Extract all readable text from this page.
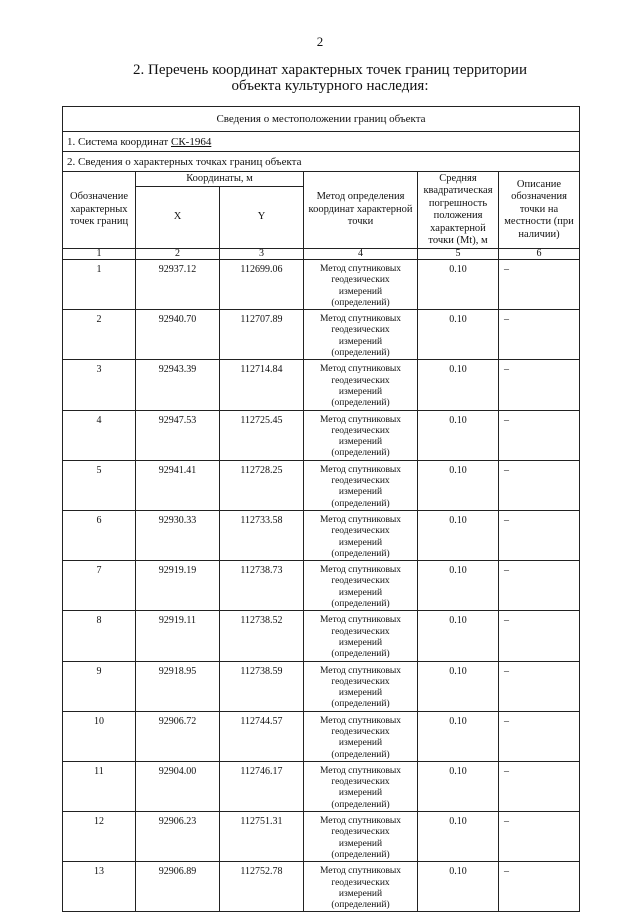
2
2. Перечень координат характерных точек границ территории
объекта культурного наследия:
Сведения о местоположении границ объекта					
1. Система координат СК-1964					
2. Сведения о характерных точках границ объекта					
Обозначение характерных точек границ	Координаты, м		Метод определения координат характерной точки	Средняя квадратическая погрешность положения характерной точки (Mt), м	Описание обозначения точки на местности (при наличии)
	X	Y			
1	2	3	4	5	6
1	92937.12	112699.06	Метод спутниковых
геодезических
измерений
(определений)	0.10	–
2	92940.70	112707.89	Метод спутниковых
геодезических
измерений
(определений)	0.10	–
3	92943.39	112714.84	Метод спутниковых
геодезических
измерений
(определений)	0.10	–
4	92947.53	112725.45	Метод спутниковых
геодезических
измерений
(определений)	0.10	–
5	92941.41	112728.25	Метод спутниковых
геодезических
измерений
(определений)	0.10	–
6	92930.33	112733.58	Метод спутниковых
геодезических
измерений
(определений)	0.10	–
7	92919.19	112738.73	Метод спутниковых
геодезических
измерений
(определений)	0.10	–
8	92919.11	112738.52	Метод спутниковых
геодезических
измерений
(определений)	0.10	–
9	92918.95	112738.59	Метод спутниковых
геодезических
измерений
(определений)	0.10	–
10	92906.72	112744.57	Метод спутниковых
геодезических
измерений
(определений)	0.10	–
11	92904.00	112746.17	Метод спутниковых
геодезических
измерений
(определений)	0.10	–
12	92906.23	112751.31	Метод спутниковых
геодезических
измерений
(определений)	0.10	–
13	92906.89	112752.78	Метод спутниковых
геодезических
измерений
(определений)	0.10	–
